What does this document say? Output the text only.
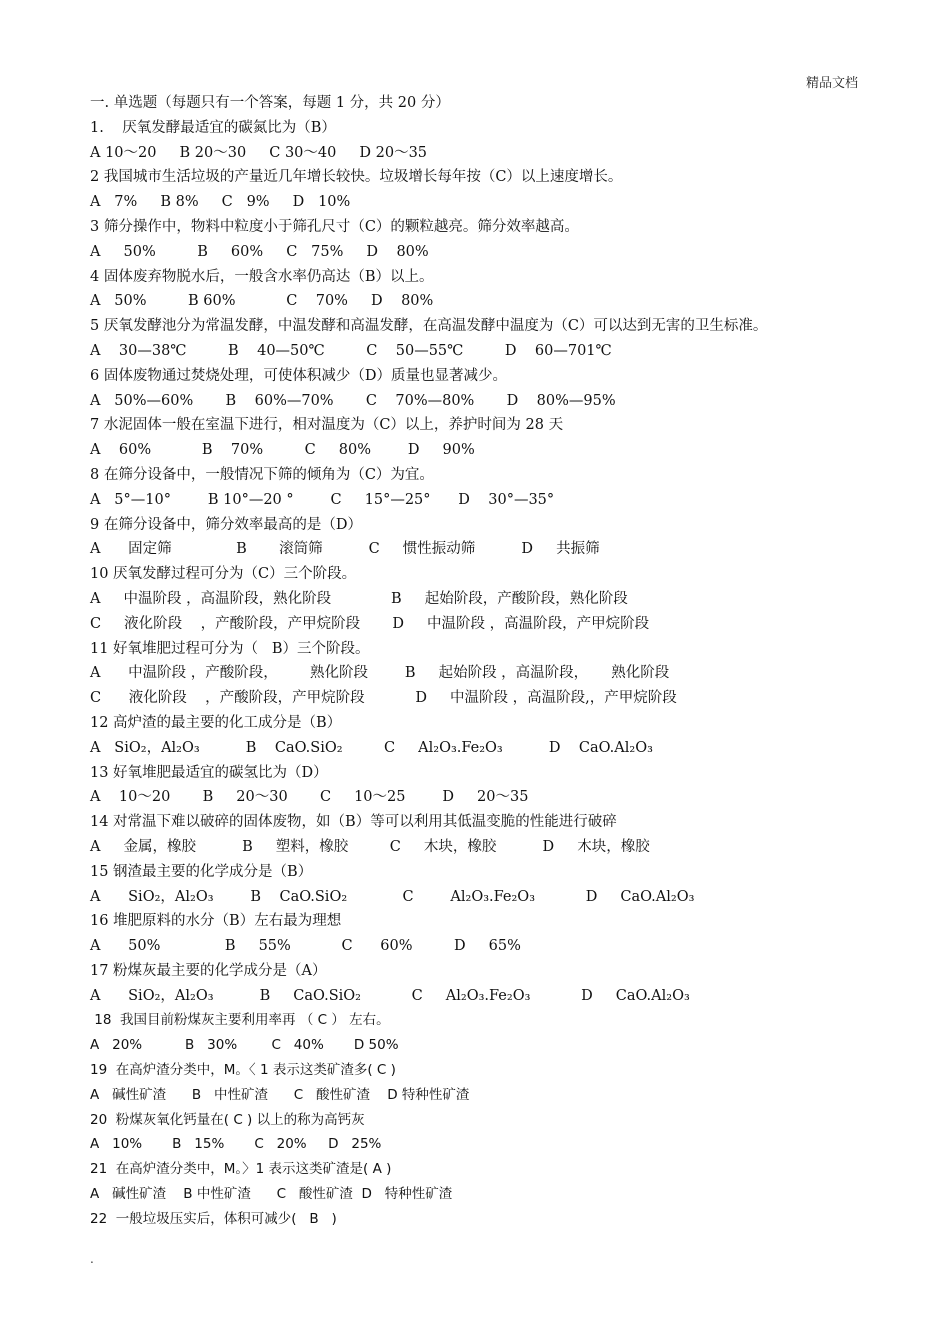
精品文档
一. 单选题（每题只有一个答案，每题 1 分，共 20 分）
1.    厌氧发酵最适宜的碳氮比为（B）
A 10～20     B 20～30     C 30～40     D 20～35
2 我国城市生活垃圾的产量近几年增长较快。垃圾增长每年按（C）以上速度增长。
A   7%     B 8%     C   9%     D   10%
3 筛分操作中，物料中粒度小于筛孔尺寸（C）的颗粒越亮。筛分效率越高。
A     50%         B     60%     C   75%     D    80%
4 固体废弃物脱水后，一般含水率仍高达（B）以上。
A   50%         B 60%           C    70%     D    80%
5 厌氧发酵池分为常温发酵，中温发酵和高温发酵，在高温发酵中温度为（C）可以达到无害的卫生标准。
A    30—38℃         B    40—50℃         C    50—55℃         D    60—701℃
6 固体废物通过焚烧处理，可使体积减少（D）质量也显著减少。
A   50%—60%       B    60%—70%       C    70%—80%       D    80%—95%
7 水泥固体一般在室温下进行，相对温度为（C）以上，养护时间为 28 天
A    60%           B    70%         C     80%        D     90%
8 在筛分设备中，一般情况下筛的倾角为（C）为宜。
A   5°—10°        B 10°—20 °        C     15°—25°      D    30°—35°
9 在筛分设备中，筛分效率最高的是（D）
A      固定筛              B       滚筒筛          C     惯性振动筛          D     共振筛
10 厌氧发酵过程可分为（C）三个阶段。
A     中温阶段 ，高温阶段，熟化阶段             B     起始阶段，产酸阶段，熟化阶段
C     液化阶段    ，产酸阶段，产甲烷阶段       D     中温阶段 ，高温阶段，产甲烷阶段
11 好氧堆肥过程可分为（   B）三个阶段。
A      中温阶段 ，产酸阶段，       熟化阶段        B     起始阶段 ，高温阶段，     熟化阶段
C      液化阶段    ，产酸阶段，产甲烷阶段           D     中温阶段 ，高温阶段,，产甲烷阶段
12 高炉渣的最主要的化工成分是（B）
A   SiO₂，Al₂O₃          B    CaO.SiO₂         C     Al₂O₃.Fe₂O₃          D    CaO.Al₂O₃
13 好氧堆肥最适宜的碳氢比为（D）
A    10～20       B     20～30       C     10～25        D     20～35
14 对常温下难以破碎的固体废物，如（B）等可以利用其低温变脆的性能进行破碎
A     金属，橡胶          B     塑料，橡胶         C     木块，橡胶          D     木块，橡胶
15 钢渣最主要的化学成分是（B）
A      SiO₂，Al₂O₃        B    CaO.SiO₂            C        Al₂O₃.Fe₂O₃           D     CaO.Al₂O₃
16 堆肥原料的水分（B）左右最为理想
A      50%              B     55%           C      60%         D     65%
17 粉煤灰最主要的化学成分是（A）
A      SiO₂，Al₂O₃          B     CaO.SiO₂           C     Al₂O₃.Fe₂O₃           D     CaO.Al₂O₃
18  我国目前粉煤灰主要利用率再 （ C ） 左右。
A   20%          B   30%        C   40%       D 50%
19  在高炉渣分类中，M。〈 1 表示这类矿渣多( C )
A   碱性矿渣      B   中性矿渣      C   酸性矿渣    D 特种性矿渣
20  粉煤灰氧化钙量在( C ) 以上的称为高钙灰
A   10%       B   15%       C   20%     D   25%
21  在高炉渣分类中，M。〉1 表示这类矿渣是( A )
A   碱性矿渣    B 中性矿渣      C   酸性矿渣  D   特种性矿渣
22  一般垃圾压实后，体积可减少(   B   )
.
